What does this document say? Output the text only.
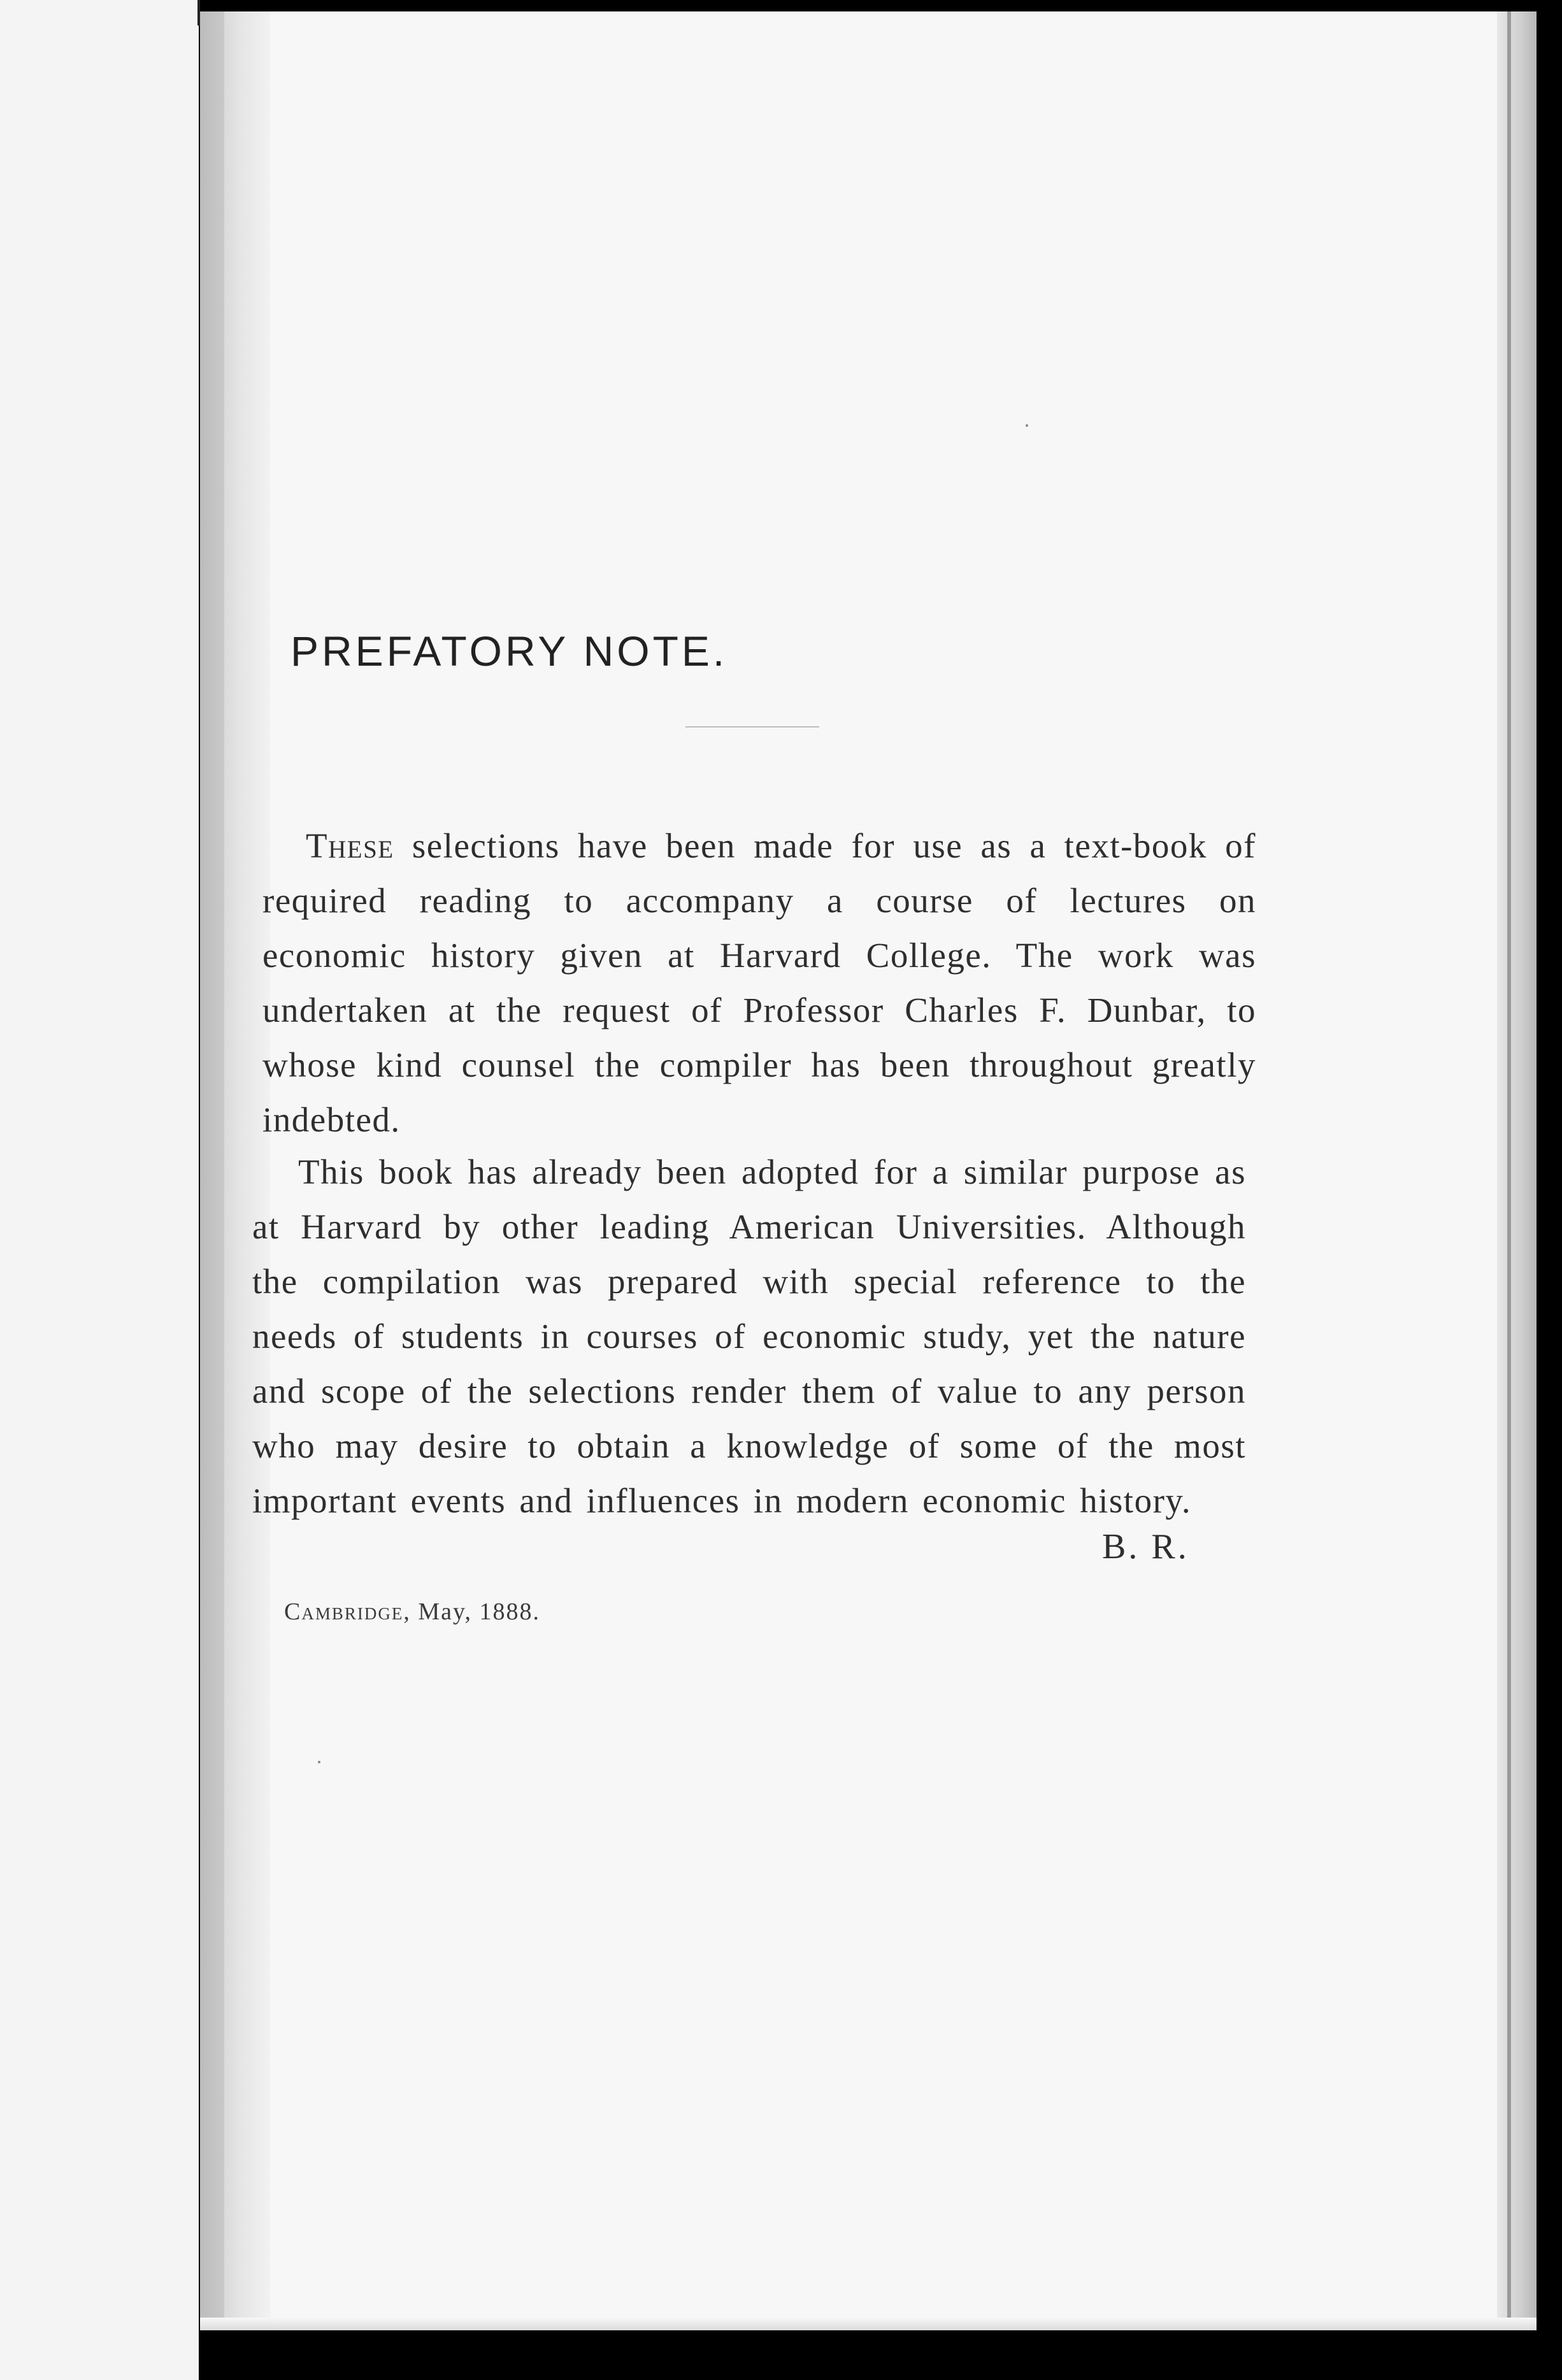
PREFATORY NOTE.

These selections have been made for use as a text-book of required reading to accompany a course of lectures on economic history given at Harvard College. The work was undertaken at the request of Professor Charles F. Dunbar, to whose kind counsel the compiler has been throughout greatly indebted.

This book has already been adopted for a similar purpose as at Harvard by other leading American Universities. Although the compilation was prepared with special reference to the needs of students in courses of economic study, yet the nature and scope of the selections render them of value to any person who may desire to obtain a knowledge of some of the most important events and influences in modern economic history.

B. R.
Cambridge, May, 1888.
